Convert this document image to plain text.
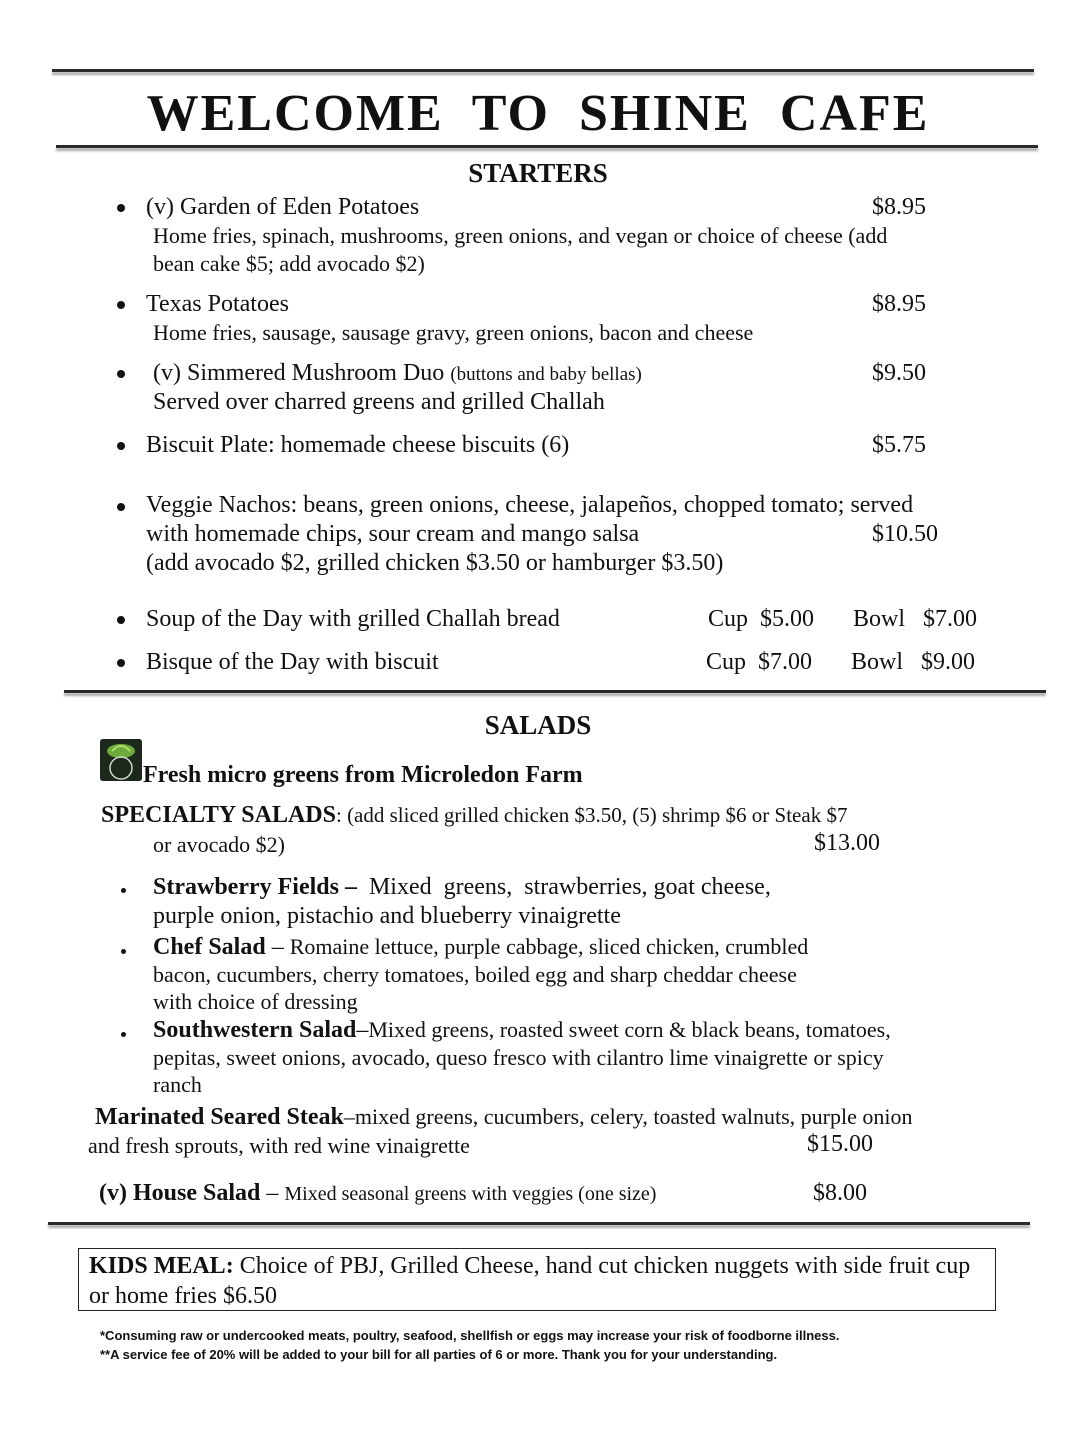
WELCOME TO SHINE CAFE
STARTERS
(v) Garden of Eden Potatoes	$8.95
Home fries, spinach, mushrooms, green onions, and vegan or choice of cheese (add
bean cake $5; add avocado $2)
Texas Potatoes	$8.95
Home fries, sausage, sausage gravy, green onions, bacon and cheese
(v) Simmered Mushroom Duo (buttons and baby bellas)	$9.50
Served over charred greens and grilled Challah
Biscuit Plate: homemade cheese biscuits (6)	$5.75
Veggie Nachos: beans, green onions, cheese, jalapeños, chopped tomato; served
with homemade chips, sour cream and mango salsa	$10.50
(add avocado $2, grilled chicken $3.50 or hamburger $3.50)
Soup of the Day with grilled Challah bread	Cup  $5.00 Bowl   $7.00
Bisque of the Day with biscuit	Cup  $7.00 Bowl   $9.00
SALADS
Fresh micro greens from Microledon Farm
SPECIALTY SALADS: (add sliced grilled chicken $3.50, (5) shrimp $6 or Steak $7
or avocado $2)	$13.00
Strawberry Fields –  Mixed  greens,  strawberries, goat cheese,
purple onion, pistachio and blueberry vinaigrette
Chef Salad – Romaine lettuce, purple cabbage, sliced chicken, crumbled
bacon, cucumbers, cherry tomatoes, boiled egg and sharp cheddar cheese
with choice of dressing
Southwestern Salad–Mixed greens, roasted sweet corn & black beans, tomatoes,
pepitas, sweet onions, avocado, queso fresco with cilantro lime vinaigrette or spicy
ranch
Marinated Seared Steak–mixed greens, cucumbers, celery, toasted walnuts, purple onion
and fresh sprouts, with red wine vinaigrette	$15.00
(v) House Salad – Mixed seasonal greens with veggies (one size)	$8.00
KIDS MEAL: Choice of PBJ, Grilled Cheese, hand cut chicken nuggets with side fruit cup or home fries $6.50
*Consuming raw or undercooked meats, poultry, seafood, shellfish or eggs may increase your risk of foodborne illness.
**A service fee of 20% will be added to your bill for all parties of 6 or more. Thank you for your understanding.
